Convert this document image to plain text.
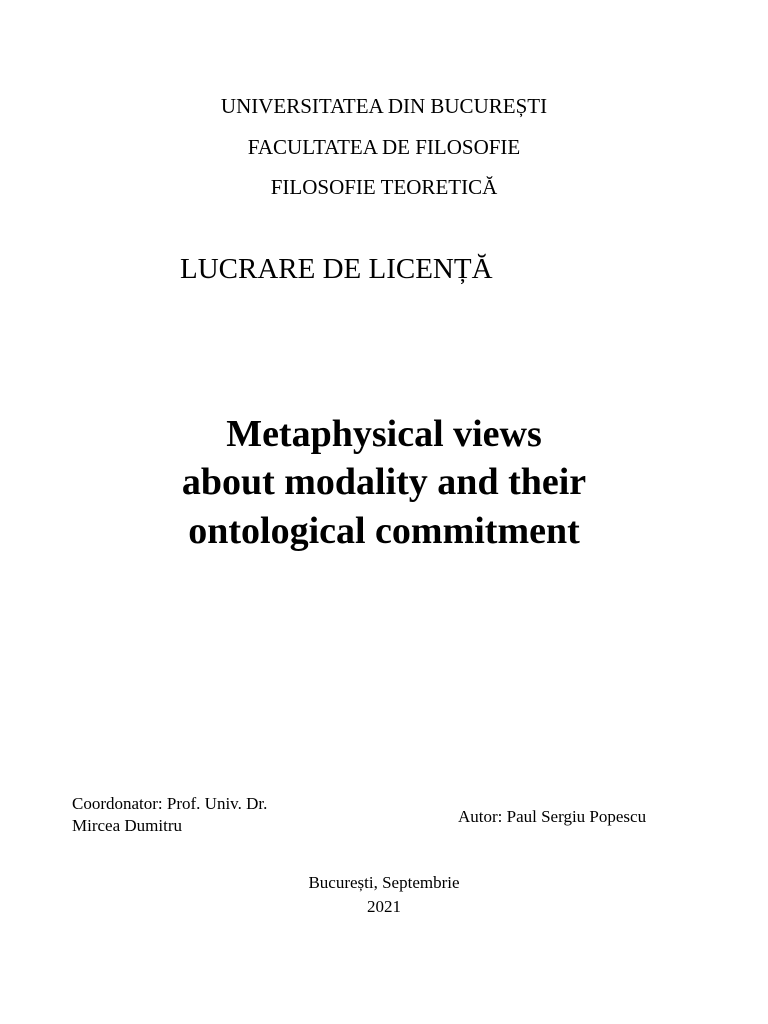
UNIVERSITATEA DIN BUCUREȘTI
FACULTATEA DE FILOSOFIE
FILOSOFIE TEORETICĂ
LUCRARE DE LICENȚĂ
Metaphysical views
about modality and their
ontological commitment
Coordonator: Prof. Univ. Dr.
Mircea Dumitru	Autor: Paul Sergiu Popescu
București, Septembrie
2021
